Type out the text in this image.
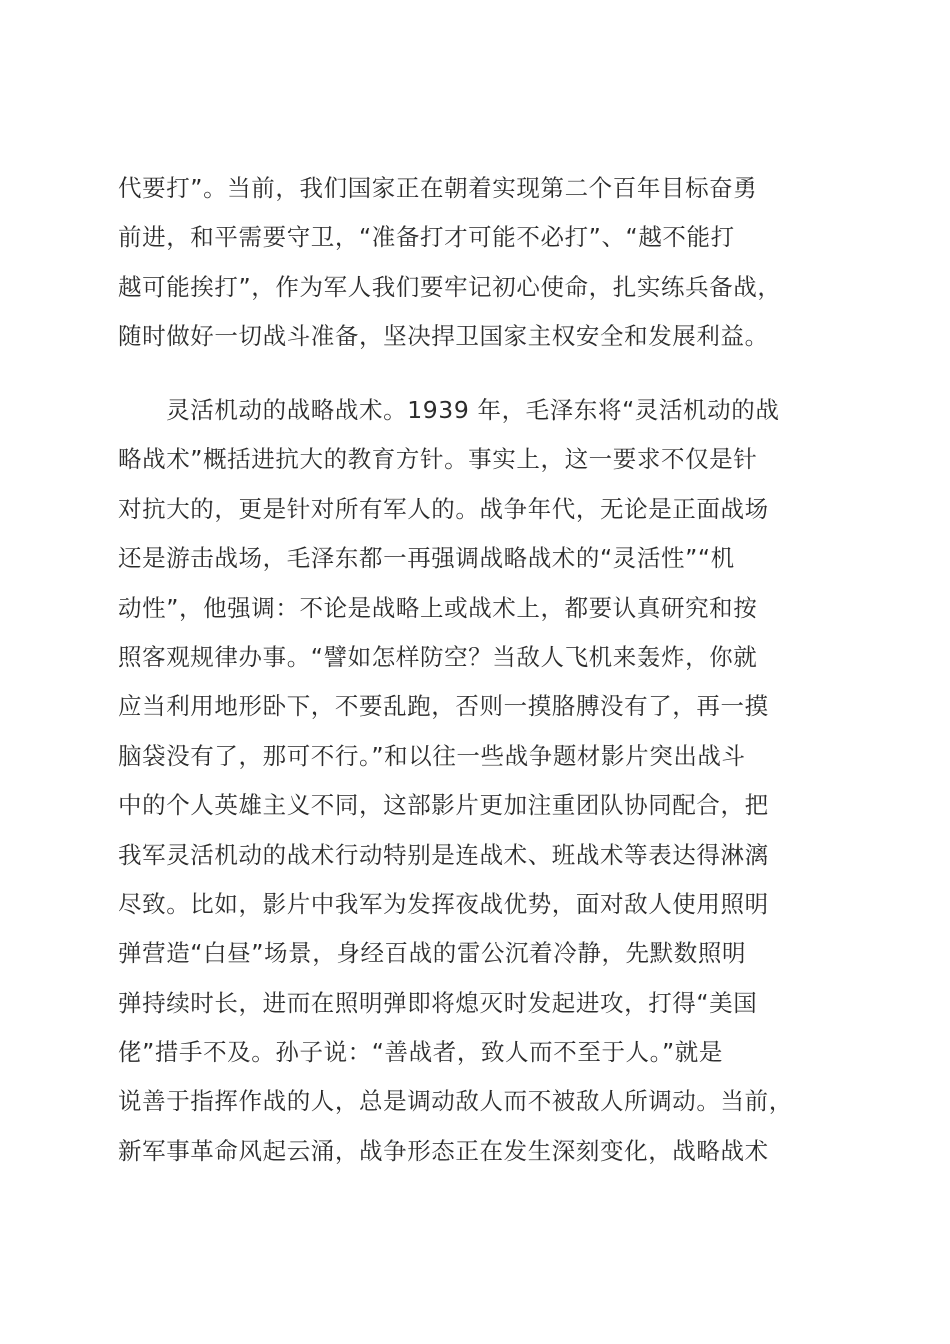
代要打”。当前，我们国家正在朝着实现第二个百年目标奋勇
前进，和平需要守卫，“准备打才可能不必打”、“越不能打
越可能挨打”，作为军人我们要牢记初心使命，扎实练兵备战，
随时做好一切战斗准备，坚决捍卫国家主权安全和发展利益。
　　灵活机动的战略战术。1939 年，毛泽东将“灵活机动的战
略战术”概括进抗大的教育方针。事实上，这一要求不仅是针
对抗大的，更是针对所有军人的。战争年代，无论是正面战场
还是游击战场，毛泽东都一再强调战略战术的“灵活性”“机
动性”，他强调：不论是战略上或战术上，都要认真研究和按
照客观规律办事。“譬如怎样防空？当敌人飞机来轰炸，你就
应当利用地形卧下，不要乱跑，否则一摸胳膊没有了，再一摸
脑袋没有了，那可不行。”和以往一些战争题材影片突出战斗
中的个人英雄主义不同，这部影片更加注重团队协同配合，把
我军灵活机动的战术行动特别是连战术、班战术等表达得淋漓
尽致。比如，影片中我军为发挥夜战优势，面对敌人使用照明
弹营造“白昼”场景，身经百战的雷公沉着冷静，先默数照明
弹持续时长，进而在照明弹即将熄灭时发起进攻，打得“美国
佬”措手不及。孙子说：“善战者，致人而不至于人。”就是
说善于指挥作战的人，总是调动敌人而不被敌人所调动。当前，
新军事革命风起云涌，战争形态正在发生深刻变化，战略战术
